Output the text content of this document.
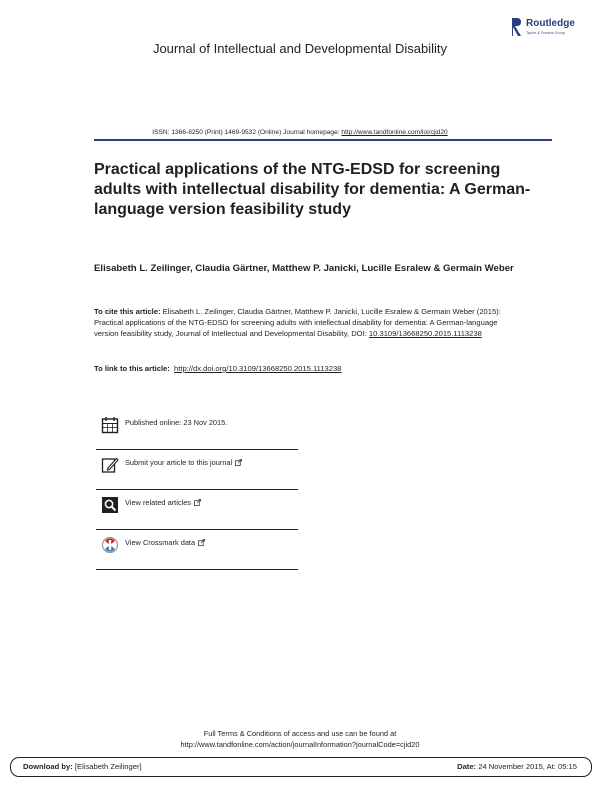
Routledge
Taylor & Francis Group
Journal of Intellectual and Developmental Disability
ISSN: 1366-8250 (Print) 1469-9532 (Online) Journal homepage: http://www.tandfonline.com/loi/cjid20
Practical applications of the NTG-EDSD for screening adults with intellectual disability for dementia: A German-language version feasibility study
Elisabeth L. Zeilinger, Claudia Gärtner, Matthew P. Janicki, Lucille Esralew & Germain Weber
To cite this article: Elisabeth L. Zeilinger, Claudia Gärtner, Matthew P. Janicki, Lucille Esralew & Germain Weber (2015): Practical applications of the NTG-EDSD for screening adults with intellectual disability for dementia: A German-language version feasibility study, Journal of Intellectual and Developmental Disability, DOI: 10.3109/13668250.2015.1113238
To link to this article: http://dx.doi.org/10.3109/13668250.2015.1113238
Published online: 23 Nov 2015.
Submit your article to this journal
View related articles
View Crossmark data
Full Terms & Conditions of access and use can be found at
http://www.tandfonline.com/action/journalInformation?journalCode=cjid20
Download by: [Elisabeth Zeilinger]	Date: 24 November 2015, At: 05:15
